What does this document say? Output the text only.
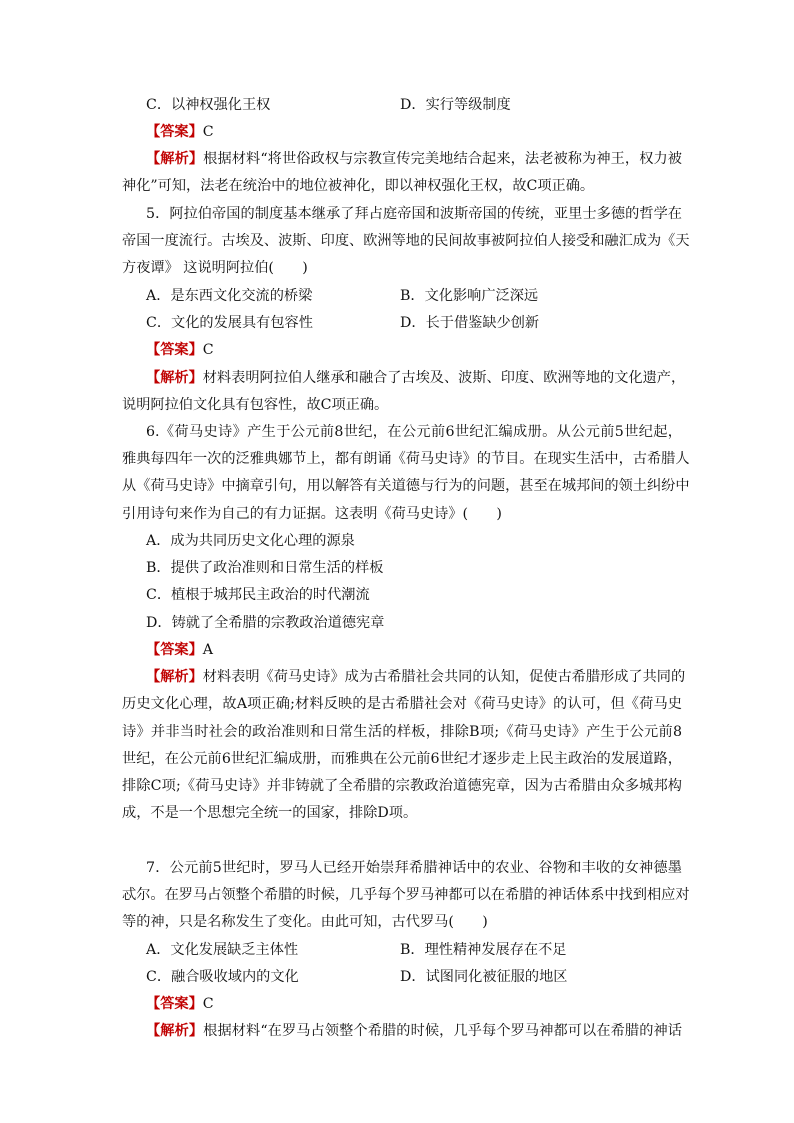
C．以神权强化王权	D．实行等级制度
【答案】C
【解析】根据材料“将世俗政权与宗教宣传完美地结合起来，法老被称为神王，权力被
神化”可知，法老在统治中的地位被神化，即以神权强化王权，故C项正确。
5．阿拉伯帝国的制度基本继承了拜占庭帝国和波斯帝国的传统，亚里士多德的哲学在
帝国一度流行。古埃及、波斯、印度、欧洲等地的民间故事被阿拉伯人接受和融汇成为《天
方夜谭》 这说明阿拉伯(　　)
A．是东西文化交流的桥梁	B．文化影响广泛深远
C．文化的发展具有包容性	D．长于借鉴缺少创新
【答案】C
【解析】材料表明阿拉伯人继承和融合了古埃及、波斯、印度、欧洲等地的文化遗产，
说明阿拉伯文化具有包容性，故C项正确。
6.《荷马史诗》产生于公元前8世纪，在公元前6世纪汇编成册。从公元前5世纪起，
雅典每四年一次的泛雅典娜节上，都有朗诵《荷马史诗》的节目。在现实生活中，古希腊人
从《荷马史诗》中摘章引句，用以解答有关道德与行为的问题，甚至在城邦间的领土纠纷中
引用诗句来作为自己的有力证据。这表明《荷马史诗》(　　)
A．成为共同历史文化心理的源泉
B．提供了政治准则和日常生活的样板
C．植根于城邦民主政治的时代潮流
D．铸就了全希腊的宗教政治道德宪章
【答案】A
【解析】材料表明《荷马史诗》成为古希腊社会共同的认知，促使古希腊形成了共同的
历史文化心理，故A项正确;材料反映的是古希腊社会对《荷马史诗》的认可，但《荷马史
诗》并非当时社会的政治准则和日常生活的样板，排除B项;《荷马史诗》产生于公元前8
世纪，在公元前6世纪汇编成册，而雅典在公元前6世纪才逐步走上民主政治的发展道路，
排除C项;《荷马史诗》并非铸就了全希腊的宗教政治道德宪章，因为古希腊由众多城邦构
成，不是一个思想完全统一的国家，排除D项。
7．公元前5世纪时，罗马人已经开始崇拜希腊神话中的农业、谷物和丰收的女神德墨
忒尔。在罗马占领整个希腊的时候，几乎每个罗马神都可以在希腊的神话体系中找到相应对
等的神，只是名称发生了变化。由此可知，古代罗马(　　)
A．文化发展缺乏主体性	B．理性精神发展存在不足
C．融合吸收域内的文化	D．试图同化被征服的地区
【答案】C
【解析】根据材料“在罗马占领整个希腊的时候，几乎每个罗马神都可以在希腊的神话
